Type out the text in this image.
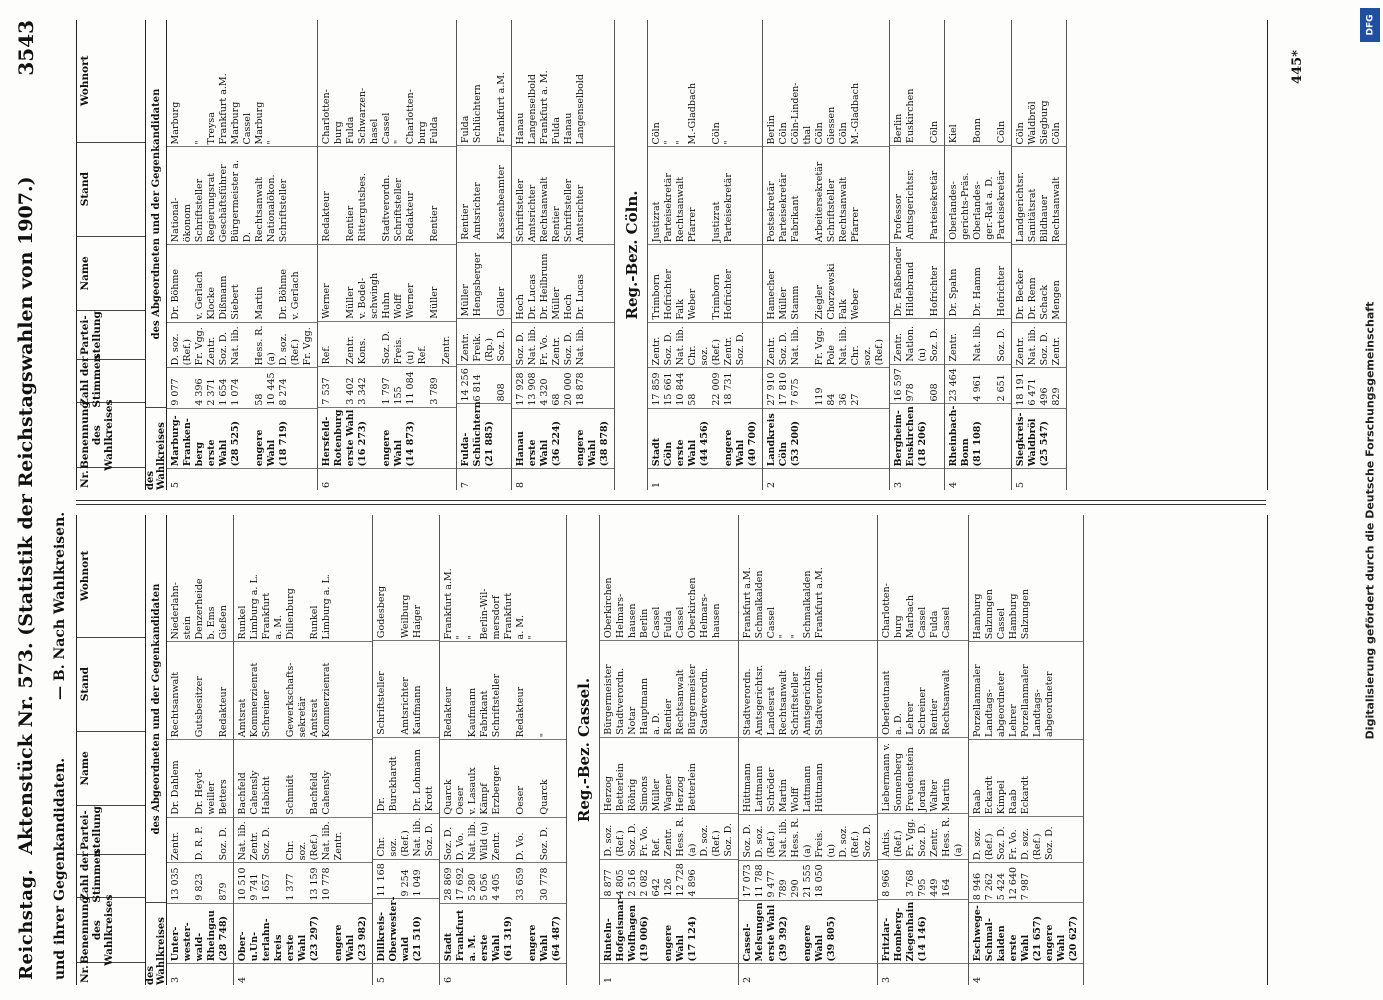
DFG
Digitalisierung gefördert durch die Deutsche Forschungsgemeinschaft
Reichstag.
Aktenstück Nr. 573. (Statistik der Reichstagswahlen von 1907.)
3543
und ihrer Gegenkandidaten.
— B. Nach Wahlkreisen.
Nr.
Benennung des Wahlkreises
Zahl der Stimmen
Partei-stellung
Name
Stand
Wohnort
des Wahlkreises
des Abgeordneten und der Gegenkandidaten
3
Unter-
wester-
wald-
Rheingau
(28 748)
13 035

9 823

879
Zentr.

D. R. P.

Soz. D.
Dr. Dahlem

Dr. Heyd-
weiller
Betters
Rechtsanwalt

Gutsbesitzer

Redakteur
Niederlahn-
stein
Denzerheide
b. Ems
Gießen
4
Ober-u.Un-
terlahn-
kreis
erste Wahl
(23 297)

engere Wahl
(23 982)
10 510
9 741
1 657

1 377

13 159
10 778
Nat. lib.
Zentr.
Soz. D.

Chr. soz.
(Ref.)
Nat. lib.
Zentr.
Bachfeld
Cahensly
Habicht

Schmidt

Bachfeld
Cahensly
Amtsrat
Kommerzienrat
Schreiner

Gewerkschafts-
sekretär
Amtsrat
Kommerzienrat
Runkel
Limburg a. L.
Frankfurt
a. M.
Dillenburg

Runkel
Limburg a. L.
5
Dillkreis-
Oberwester-
wald
(21 510)
11 168

9 254
1 049
Chr. soz.
(Ref.)
Nat. lib.
Soz. D.
Dr. Burckhardt

Dr. Lohmann
Krott
Schriftsteller

Amtsrichter
Kaufmann
Godesberg

Weilburg
Haiger
6
Stadt
Frankfurt
a. M.
erste Wahl
(61 319)

engere Wahl
(64 487)
28 869
17 692
5 280
5 056
4 405

33 659

30 778
Soz. D.
D. Vo.
Nat. lib.
Wild (u)
Zentr.

D. Vo.

Soz. D.
Quarck
Oeser
v. Lasaulx
Kämpf
Erzberger

Oeser

Quarck
Redakteur

Kaufmann
Fabrikant
Schriftsteller

Redakteur

"
Frankfurt a.M.
"
"
Berlin-Wil-
mersdorf
Frankfurt
a. M.
"
Reg.-Bez. Cassel.
1
Rinteln-
Hofgeismar-
Wolfhagen
(19 006)

engere Wahl
(17 124)
8 877
4 805
2 516
2 082
642
126
12 728
4 896
D. soz.
(Ref.)
Soz. D.
Fr. Vo.
Ref.
Zentr.
Hess. R.
(a)
D. soz.
(Ref.)
Soz. D.
Herzog
Betterlein
Röhrig
Simons
Müller
Wagner
Herzog
Betterlein
Bürgermeister
Stadtverordn.
Notar
Hauptmann
a. D.
Rentier
Rechtsanwalt
Bürgermeister
Stadtverordn.
Oberkirchen
Helmars-
hausen
Berlin
Cassel
Fulda
Cassel
Oberkirchen
Helmars-
hausen
2
Cassel-
Melsungen
erste Wahl
(39 392)

engere Wahl
(39 805)
17 073
11 788
9 477
789
290
21 555
18 050
Soz. D.
D. soz.
(Ref.)
Nat. lib.
Hess. R.
(a)
Freis. (u)
D. soz.
(Ref.)
Soz. D.
Hüttmann
Lattmann
Schröder
Martin
Wolff
Lattmann
Hüttmann
Stadtverordn.
Amtsgerichtsr.
Landesrat
Rechtsanwalt
Schriftsteller
Amtsgerichtsr.
Stadtverordn.
Frankfurt a.M.
Schmalkalden
Cassel
"
"
Schmalkalden
Frankfurt a.M.
3
Fritzlar-
Homberg-
Ziegenhain
(14 146)
8 966

3 768
795
449
164
Antis.
(Ref.)
Fr. Vgg.
Soz. D.
Zentr.
Hess. R.
(a)
Liebermann v.
Sonnenberg
Freudenstein
Jordan
Walter
Martin
Oberleutnant
a. D.
Lehrer
Schreiner
Rentier
Rechtsanwalt
Charlotten-
burg
Marbach
Cassel
Fulda
Cassel
4
Eschwege-
Schmal-
kalden
erste Wahl
(21 657)
engere Wahl
(20 627)
8 946
7 262
5 424
12 640
7 987
D. soz.
(Ref.)
Soz. D.
Fr. Vo.
D. soz.
(Ref.)
Soz. D.
Raab
Eckardt
Kimpel
Raab
Eckardt
Porzellanmaler
Landtags-
abgeordneter
Lehrer
Porzellanmaler
Landtags-
abgeordneter
Hamburg
Salzungen
Cassel
Hamburg
Salzungen
Nr.
Benennung des Wahlkreises
Zahl der Stimmen
Partei-stellung
Name
Stand
Wohnort
des Wahlkreises
des Abgeordneten und der Gegenkandidaten
5
Marburg-
Franken-
berg
erste Wahl
(28 525)

engere Wahl
(18 719)
9 077

4 396
2 371
1 654
1 074

58
10 445
8 274
D. soz.
(Ref.)
Fr. Vgg.
Zentr.
Soz. D.
Nat. lib.

Hess. R.
(a)
D. soz.
(Ref.)
Fr. Vgg.
Dr. Böhme

v. Gerlach
Klocke
Dißmann
Siebert

Martin

Dr. Böhme
v. Gerlach
National-
ökonom
Schriftsteller
Regierungsrat
Geschäftsführer
Bürgermeister a. D.
Rechtsanwalt
Nationalökon.
Schriftsteller
Marburg

"
Treysa
Frankfurt a.M.
Marburg
Cassel
Marburg
"
6
Hersfeld-
Rotenburg
erste Wahl
(16 273)

engere Wahl
(14 873)
7 537

3 402
3 342

1 797
155
11 084

3 789
Ref.

Zentr.
Kons.

Soz. D.
Freis. (u)
Ref.

Zentr.
Werner

Müller
v. Bodel-
schwingh
Huhn
Wolff
Werner

Müller
Redakteur

Rentier
Rittergutsbes.

Stadtverordn.
Schriftsteller
Redakteur

Rentier
Charlotten-
burg
Fulda
Schwarzen-
hasel
Cassel
"
Charlotten-
burg
Fulda
7
Fulda-
Schlüchtern
(21 885)
14 256
6 814

808
Zentr.
Freik.
(Rp.)
Soz. D.
Müller
Hengsberger

Göller
Rentier
Amtsrichter

Kassenbeamter
Fulda
Schlüchtern

Frankfurt a.M.
8
Hanau
erste Wahl
(36 224)

engere Wahl
(38 878)
17 928
13 908
4 320
68
20 000
18 878
Soz. D.
Nat. lib.
Fr. Vo.
Zentr.
Soz. D.
Nat. lib.
Hoch
Dr. Lucas
Dr. Heilbrunn
Müller
Hoch
Dr. Lucas
Schriftsteller
Amtsrichter
Rechtsanwalt
Rentier
Schriftsteller
Amtsrichter
Hanau
Langenselbold
Frankfurt a. M.
Fulda
Hanau
Langenselbold
Reg.-Bez. Cöln.
1
Stadt Cöln
erste Wahl
(44 456)

engere Wahl
(40 700)
17 859
15 661
10 844
58

22 009
18 731
Zentr.
Soz. D.
Nat. lib.
Chr. soz.
(Ref.)
Zentr.
Soz. D.
Trimborn
Hofrichter
Falk
Weber

Trimborn
Hofrichter
Justizrat
Parteisekretär
Rechtsanwalt
Pfarrer

Justizrat
Parteisekretär
Cöln
"
"
M.-Gladbach

Cöln
"
2
Landkreis
Cöln
(53 200)
27 910
17 810
7 675

119
84
36
27
Zentr.
Soz. D.
Nat. lib.

Fr. Vgg.
Pole
Nat. lib.
Chr. soz.
(Ref.)
Hamecher
Müller
Stamm

Ziegler
Chorzewski
Falk
Weber
Postsekretär
Parteisekretär
Fabrikant

Arbeitersekretär
Schriftsteller
Rechtsanwalt
Pfarrer
Berlin
Cöln
Cöln-Linden-
thal
Cöln
Giessen
Cöln
M.-Gladbach
3
Bergheim-
Euskirchen
(18 206)
16 597
978

608
Zentr.
Natlon.
(u)
Soz. D.
Dr. Faßbender
Hildebrand

Hofrichter
Professor
Amtsgerichtsr.

Parteisekretär
Berlin
Euskirchen

Cöln
4
Rheinbach-
Bonn
(81 108)
23 464

4 961

2 651
Zentr.

Nat. lib.

Soz. D.
Dr. Spahn

Dr. Hamm

Hofrichter
Oberlandes-
gerichts-Präs.
Oberlandes-
ger.-Rat a. D.
Parteisekretär
Kiel

Bonn

Cöln
5
Siegkreis-
Waldbröl
(25 547)
18 191
6 471
496
829
Zentr.
Nat. lib.
Soz. D.
Zentr.
Dr. Becker
Dr. Renn
Schack
Mengen
Landgerichtsr.
Sanitätsrat
Bildhauer
Rechtsanwalt
Cöln
Waldbröl
Siegburg
Cöln
445*
